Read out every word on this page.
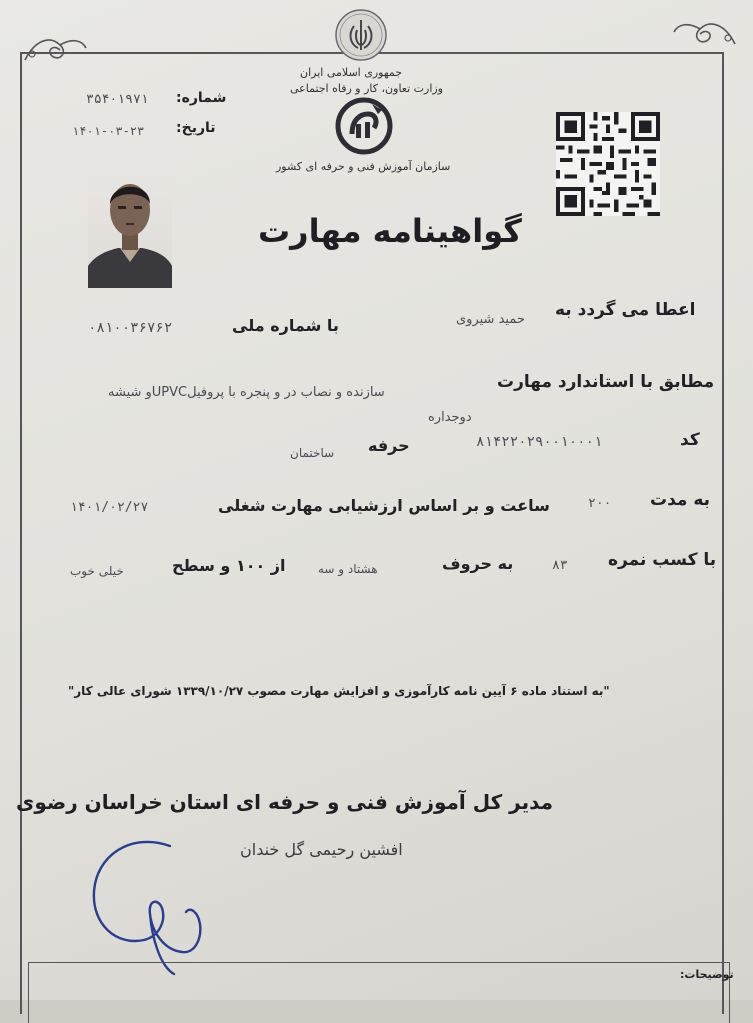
جمهوری اسلامی ایران
وزارت تعاون، کار و رفاه اجتماعی
سازمان آموزش فنی و حرفه ای کشور
شماره:
۳۵۴۰۱۹۷۱
تاریخ:
۱۴۰۱-۰۳-۲۳
گواهینامه مهارت
اعطا می گردد به
حمید شیروی
با شماره ملی
۰۸۱۰۰۳۶۷۶۲
مطابق با استاندارد مهارت
سازنده و نصاب در و پنجره با پروفیلUPVCو شیشه
دوجداره
کد
۸۱۴۲۲۰۲۹۰۰۱۰۰۰۱
حرفه
ساختمان
به مدت
۲۰۰
ساعت و بر اساس ارزشیابی مهارت شغلی
۱۴۰۱/۰۲/۲۷
با کسب نمره
۸۳
به حروف
هشتاد و سه
از ۱۰۰ و سطح
خیلی خوب
"به استناد ماده ۶ آیین نامه کارآموزی و افزایش مهارت مصوب ۱۳۳۹/۱۰/۲۷ شورای عالی کار"
مدیر کل آموزش فنی و حرفه ای استان خراسان رضوی
افشین رحیمی گل خندان
توضیحات:
